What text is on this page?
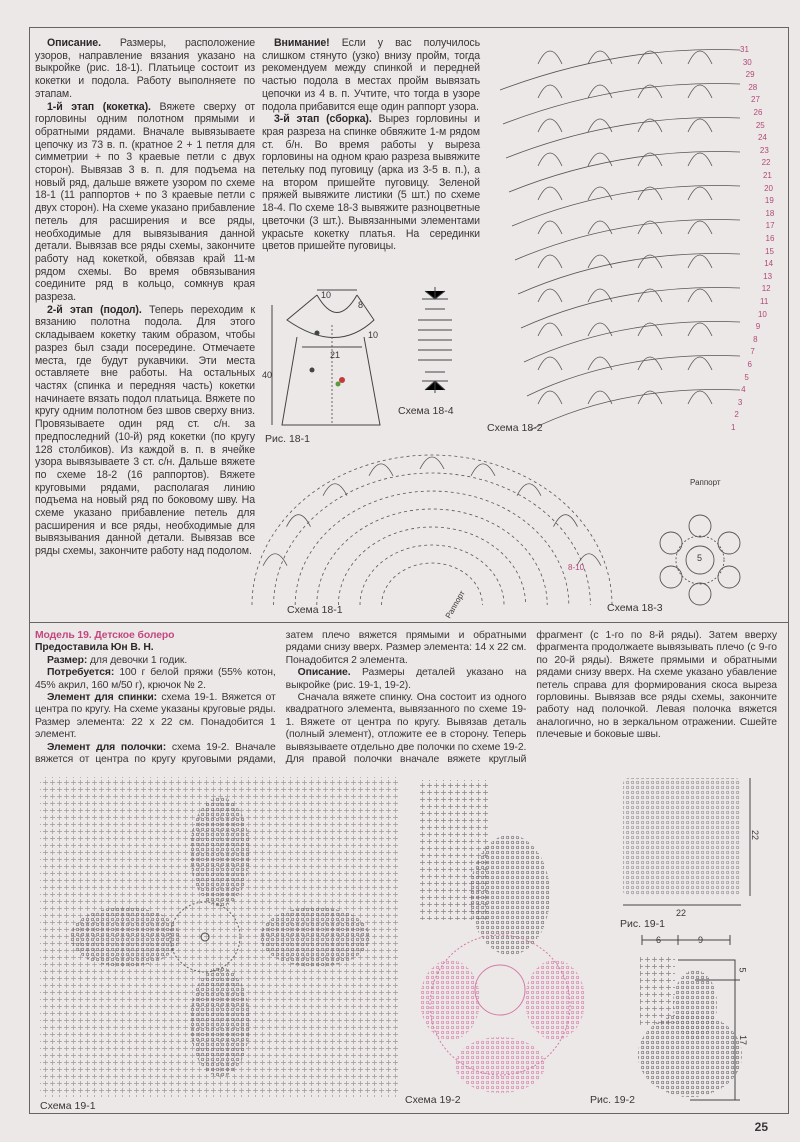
Описание. Размеры, расположение узоров, направление вязания указано на выкройке (рис. 18-1). Платьице состоит из кокетки и подола. Работу выполняете по этапам.

1-й этап (кокетка). Вяжете сверху от горловины одним полотном прямыми и обратными рядами. Вначале вывязываете цепочку из 73 в. п. (кратное 2 + 1 петля для симметрии + по 3 краевые петли с двух сторон). Вывязав 3 в. п. для подъема на новый ряд, дальше вяжете узором по схеме 18-1 (11 раппортов + по 3 краевые петли с двух сторон). На схеме указано прибавление петель для расширения и все ряды, необходимые для вывязывания данной детали. Вывязав все ряды схемы, закончите работу над кокеткой, обвязав край 11-м рядом схемы. Во время обвязывания соедините ряд в кольцо, сомкнув края разреза.

2-й этап (подол). Теперь переходим к вязанию полотна подола. Для этого складываем кокетку таким образом, чтобы разрез был сзади посередине. Отмечаете места, где будут рукавчики. Эти места оставляете вне работы. На остальных частях (спинка и передняя часть) кокетки начинаете вязать подол платьица. Вяжете по кругу одним полотном без швов сверху вниз. Провязываете один ряд ст. с/н. за предпоследний (10-й) ряд кокетки (по кругу 128 столбиков). Из каждой в. п. в ячейке узора вывязываете 3 ст. с/н. Дальше вяжете по схеме 18-2 (16 раппортов). Вяжете круговыми рядами, располагая линию подъема на новый ряд по боковому шву. На схеме указано прибавление петель для расширения и все ряды, необходимые для вывязывания данной детали. Вывязав все ряды схемы, закончите работу над подолом.

Внимание! Если у вас получилось слишком стянуто (узко) внизу пройм, тогда рекомендуем между спинкой и передней частью подола в местах пройм вывязать цепочки из 4 в. п. Учтите, что тогда в узоре подола прибавится еще один раппорт узора.

3-й этап (сборка). Вырез горловины и края разреза на спинке обвяжите 1-м рядом ст. б/н. Во время работы у выреза горловины на одном краю разреза вывяжите петельку под пуговицу (арка из 3-5 в. п.), а на втором пришейте пуговицу. Зеленой пряжей вывяжите листики (5 шт.) по схеме 18-4. По схеме 18-3 вывяжите разноцветные цветочки (3 шт.). Вывязанными элементами украсьте кокетку платья. На серединки цветов пришейте пуговицы.

Модель 19. Детское болеро

Предоставила Юн В. Н.

Размер: для девочки 1 годик.

Потребуется: 100 г белой пряжи (55% котон, 45% акрил, 160 м/50 г), крючок № 2.

Элемент для спинки: схема 19-1. Вяжется от центра по кругу. На схеме указаны круговые ряды. Размер элемента: 22 x 22 см. Понадобится 1 элемент.

Элемент для полочки: схема 19-2. Вначале вяжется от центра по кругу круговыми рядами, затем плечо вяжется прямыми и обратными рядами снизу вверх. Размер элемента: 14 x 22 см. Понадобится 2 элемента.

Описание. Размеры деталей указано на выкройке (рис. 19-1, 19-2).

Сначала вяжете спинку. Она состоит из одного квадратного элемента, вывязанного по схеме 19-1. Вяжете от центра по кругу. Вывязав деталь (полный элемент), отложите ее в сторону. Теперь вывязываете отдельно две полочки по схеме 19-2. Для правой полочки вначале вяжете круглый фрагмент (с 1-го по 8-й ряды). Затем вверху фрагмента продолжаете вывязывать плечо (с 9-го по 20-й ряды). Вяжете прямыми и обратными рядами снизу вверх. На схеме указано убавление петель справа для формирования скоса выреза горловины. Вывязав все ряды схемы, закончите работу над полочкой. Левая полочка вяжется аналогично, но в зеркальном отражении. Сшейте плечевые и боковые швы.

31
30
29
28
27
26
25
24
23
22
21
20
19
18
17
16
15
14
13
12
11
10
9
8
7
6
5
4
3
2
1
Схема 18-2
Раппорт
10
8
10
21
40
Рис. 18-1
Схема 18-4
Схема 18-1
8-10
Раппорт
5
Схема 18-3
Схема 19-1	Схема 19-2
22
22
Рис. 19-1
6	9
5
17
Рис. 19-2
25
